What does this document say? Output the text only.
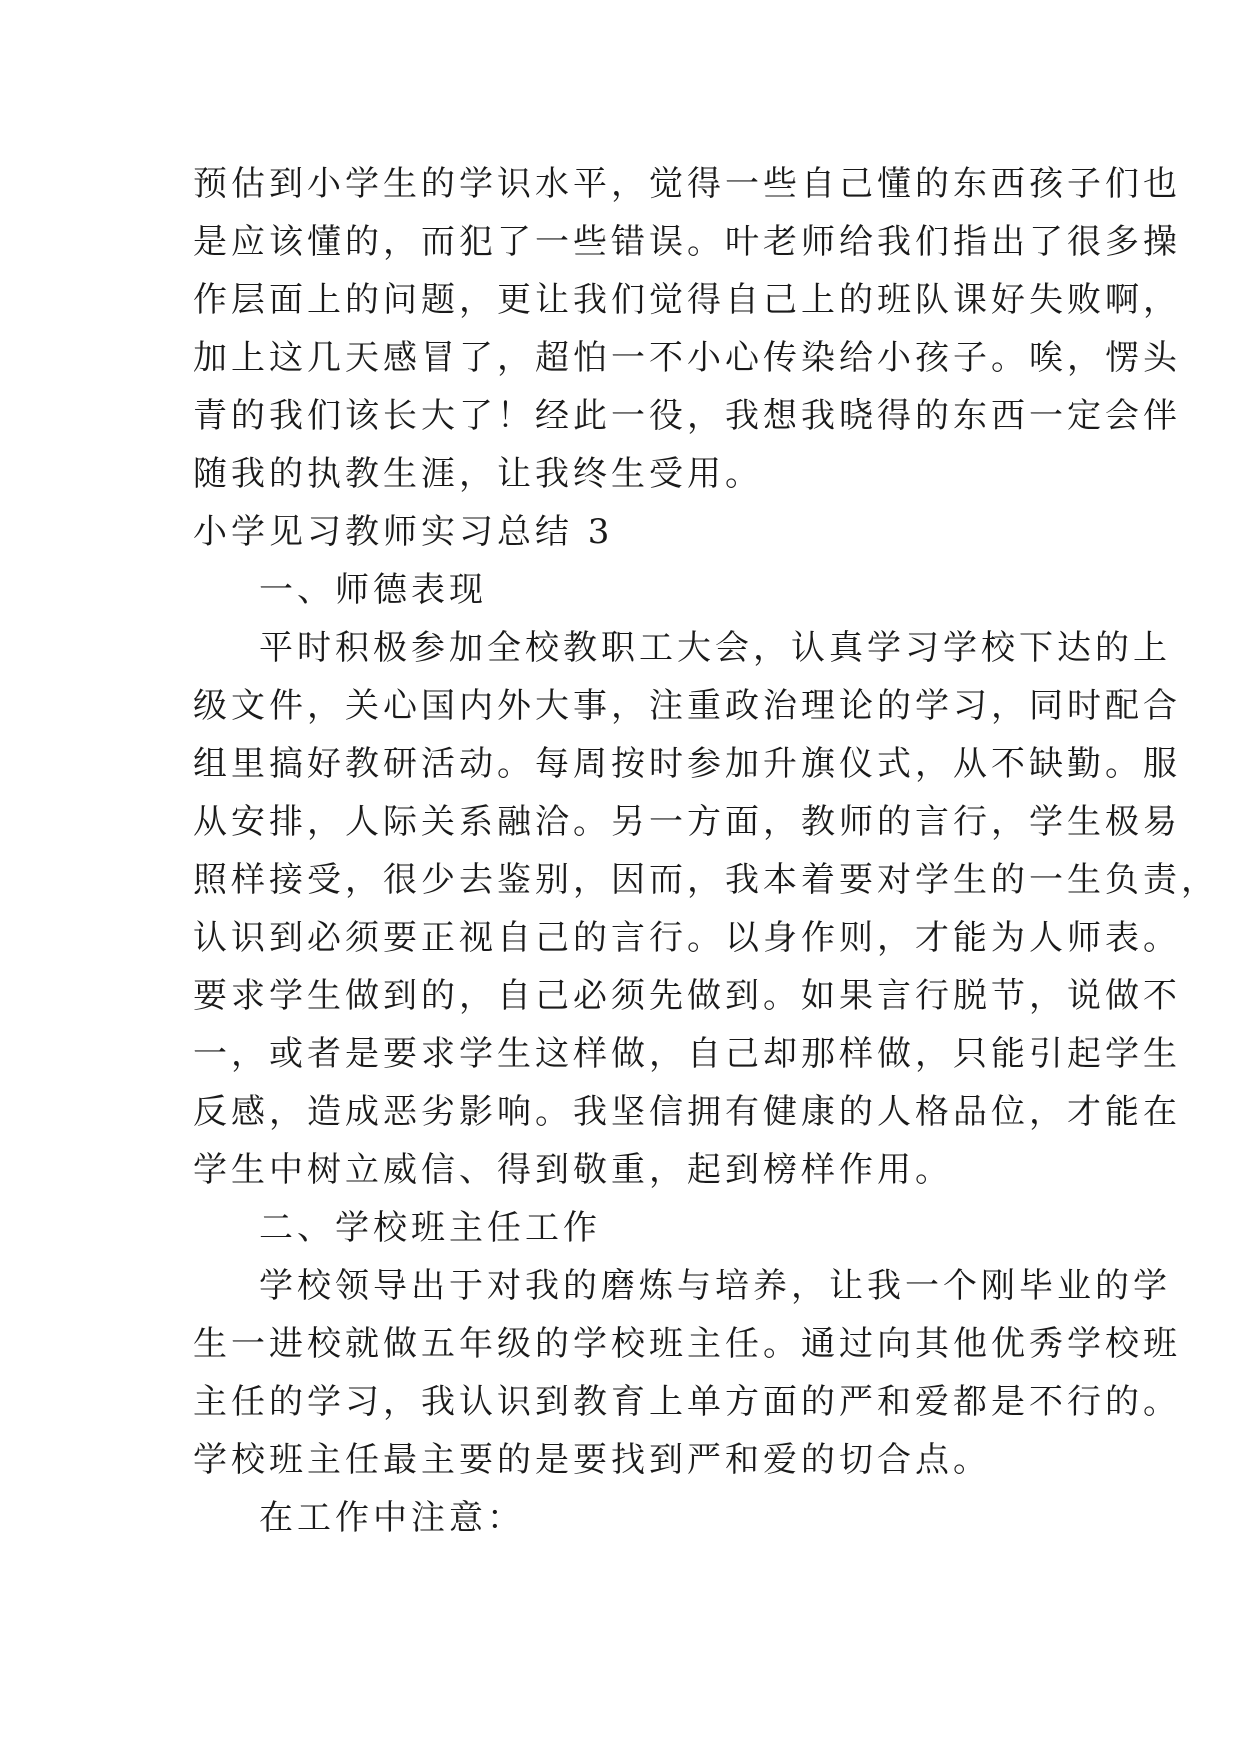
预估到小学生的学识水平，觉得一些自己懂的东西孩子们也
是应该懂的，而犯了一些错误。叶老师给我们指出了很多操
作层面上的问题，更让我们觉得自己上的班队课好失败啊，
加上这几天感冒了，超怕一不小心传染给小孩子。唉，愣头
青的我们该长大了！经此一役，我想我晓得的东西一定会伴
随我的执教生涯，让我终生受用。
小学见习教师实习总结 3
一、师德表现
平时积极参加全校教职工大会，认真学习学校下达的上
级文件，关心国内外大事，注重政治理论的学习，同时配合
组里搞好教研活动。每周按时参加升旗仪式，从不缺勤。服
从安排，人际关系融洽。另一方面，教师的言行，学生极易
照样接受，很少去鉴别，因而，我本着要对学生的一生负责，
认识到必须要正视自己的言行。以身作则，才能为人师表。
要求学生做到的，自己必须先做到。如果言行脱节，说做不
一，或者是要求学生这样做，自己却那样做，只能引起学生
反感，造成恶劣影响。我坚信拥有健康的人格品位，才能在
学生中树立威信、得到敬重，起到榜样作用。
二、学校班主任工作
学校领导出于对我的磨炼与培养，让我一个刚毕业的学
生一进校就做五年级的学校班主任。通过向其他优秀学校班
主任的学习，我认识到教育上单方面的严和爱都是不行的。
学校班主任最主要的是要找到严和爱的切合点。
在工作中注意：
